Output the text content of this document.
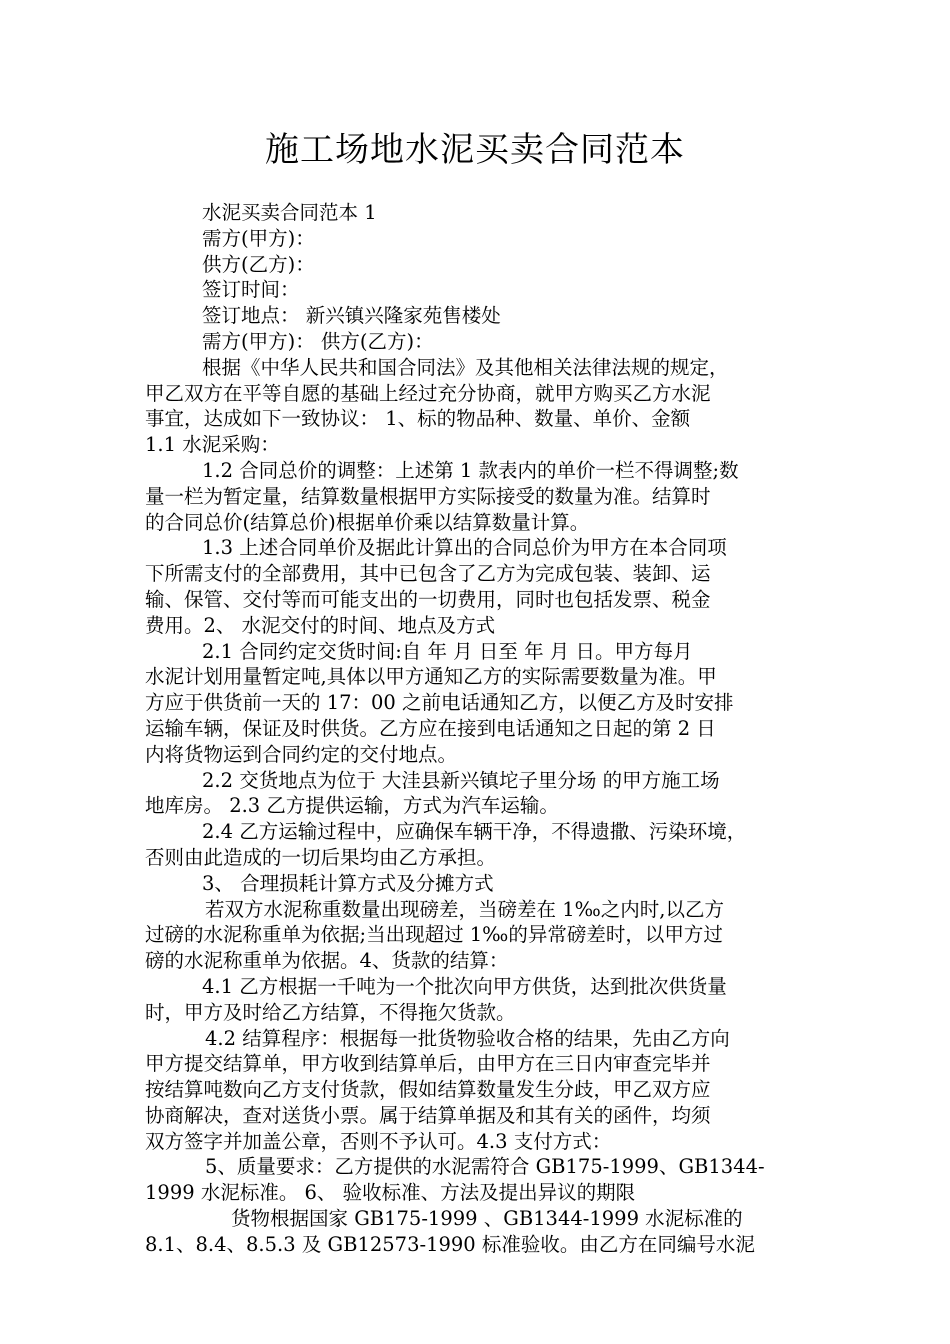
施工场地水泥买卖合同范本

水泥买卖合同范本 1

需方(甲方)：

供方(乙方)：

签订时间：

签订地点： 新兴镇兴隆家苑售楼处

需方(甲方)： 供方(乙方)：

根据《中华人民共和国合同法》及其他相关法律法规的规定，

甲乙双方在平等自愿的基础上经过充分协商，就甲方购买乙方水泥

事宜，达成如下一致协议： 1、标的物品种、数量、单价、金额

1.1 水泥采购：

1.2 合同总价的调整：上述第 1 款表内的单价一栏不得调整;数

量一栏为暂定量，结算数量根据甲方实际接受的数量为准。结算时

的合同总价(结算总价)根据单价乘以结算数量计算。

1.3 上述合同单价及据此计算出的合同总价为甲方在本合同项

下所需支付的全部费用，其中已包含了乙方为完成包装、装卸、运

输、保管、交付等而可能支出的一切费用，同时也包括发票、税金

费用。2、 水泥交付的时间、地点及方式

2.1 合同约定交货时间:自 年 月 日至 年 月 日。甲方每月

水泥计划用量暂定吨,具体以甲方通知乙方的实际需要数量为准。甲

方应于供货前一天的 17：00 之前电话通知乙方，以便乙方及时安排

运输车辆，保证及时供货。乙方应在接到电话通知之日起的第 2 日

内将货物运到合同约定的交付地点。

2.2 交货地点为位于 大洼县新兴镇坨子里分场 的甲方施工场

地库房。 2.3 乙方提供运输，方式为汽车运输。

2.4 乙方运输过程中，应确保车辆干净，不得遗撒、污染环境，

否则由此造成的一切后果均由乙方承担。

3、 合理损耗计算方式及分摊方式

若双方水泥称重数量出现磅差，当磅差在 1‰之内时,以乙方

过磅的水泥称重单为依据;当出现超过 1‰的异常磅差时，以甲方过

磅的水泥称重单为依据。4、货款的结算：

4.1 乙方根据一千吨为一个批次向甲方供货，达到批次供货量

时，甲方及时给乙方结算，不得拖欠货款。

4.2 结算程序：根据每一批货物验收合格的结果，先由乙方向

甲方提交结算单，甲方收到结算单后，由甲方在三日内审查完毕并

按结算吨数向乙方支付货款，假如结算数量发生分歧，甲乙双方应

协商解决，查对送货小票。属于结算单据及和其有关的函件，均须

双方签字并加盖公章，否则不予认可。4.3 支付方式：

5、质量要求：乙方提供的水泥需符合 GB175-1999、GB1344-

1999 水泥标准。 6、 验收标准、方法及提出异议的期限

货物根据国家 GB175-1999 、GB1344-1999 水泥标准的

8.1、8.4、8.5.3 及 GB12573-1990 标准验收。由乙方在同编号水泥
